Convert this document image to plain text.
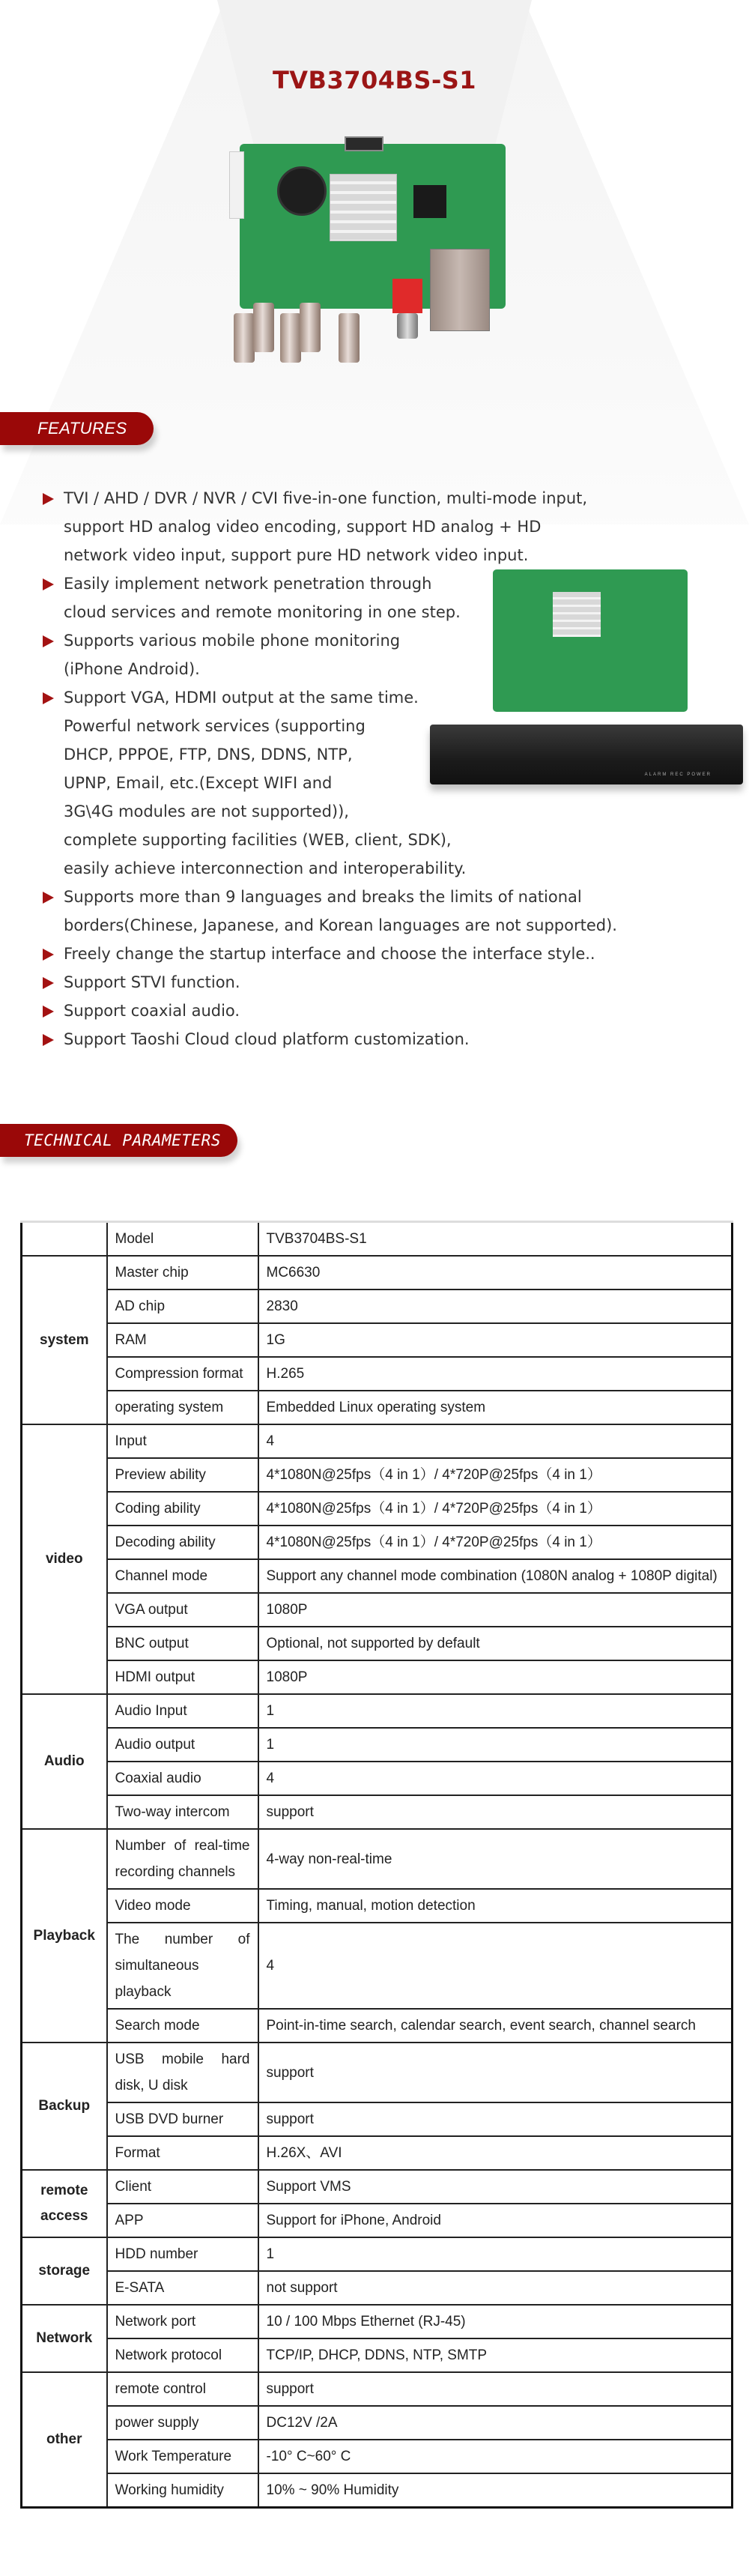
TVB3704BS-S1
FEATURES
TVI / AHD / DVR / NVR / CVI five-in-one function, multi-mode input,
support HD analog video encoding, support HD analog + HD
network video input, support pure HD network video input.
Easily implement network penetration through
cloud services and remote monitoring in one step.
Supports various mobile phone monitoring
(iPhone Android).
Support VGA, HDMI output at the same time.
Powerful network services (supporting
DHCP, PPPOE, FTP, DNS, DDNS, NTP,
UPNP, Email, etc.(Except WIFI and
3G\4G modules are not supported)),
complete supporting facilities (WEB, client, SDK),
easily achieve interconnection and interoperability.
Supports more than 9 languages and breaks the limits of national
borders(Chinese, Japanese, and Korean languages are not supported).
Freely change the startup interface and choose the interface style..
Support STVI function.
Support coaxial audio.
Support Taoshi Cloud cloud platform customization.
ALARM REC POWER
TECHNICAL PARAMETERS
	Model	TVB3704BS-S1
system	Master chip	MC6630
	AD chip	2830
	RAM	1G
	Compression format	H.265
	operating system	Embedded Linux operating system
video	Input	4
	Preview ability	4*1080N@25fps（4 in 1）/ 4*720P@25fps（4 in 1）
	Coding ability	4*1080N@25fps（4 in 1）/ 4*720P@25fps（4 in 1）
	Decoding ability	4*1080N@25fps（4 in 1）/ 4*720P@25fps（4 in 1）
	Channel mode	Support any channel mode combination (1080N analog + 1080P digital)
	VGA output	1080P
	BNC output	Optional, not supported by default
	HDMI output	1080P
Audio	Audio Input	1
	Audio output	1
	Coaxial audio	4
	Two-way intercom	support
Playback	Number of real-time recording channels	4-way non-real-time
	Video mode	Timing, manual, motion detection
	The number of simultaneous playback	4
	Search mode	Point-in-time search, calendar search, event search, channel search
Backup	USB mobile hard disk, U disk	support
	USB DVD burner	support
	Format	H.26X、AVI
remote access	Client	Support VMS
	APP	Support for iPhone, Android
storage	HDD number	1
	E-SATA	not support
Network	Network port	10 / 100 Mbps Ethernet (RJ-45)
	Network protocol	TCP/IP, DHCP, DDNS, NTP, SMTP
other	remote control	support
	power supply	DC12V /2A
	Work Temperature	-10° C~60° C
	Working humidity	10% ~ 90% Humidity
